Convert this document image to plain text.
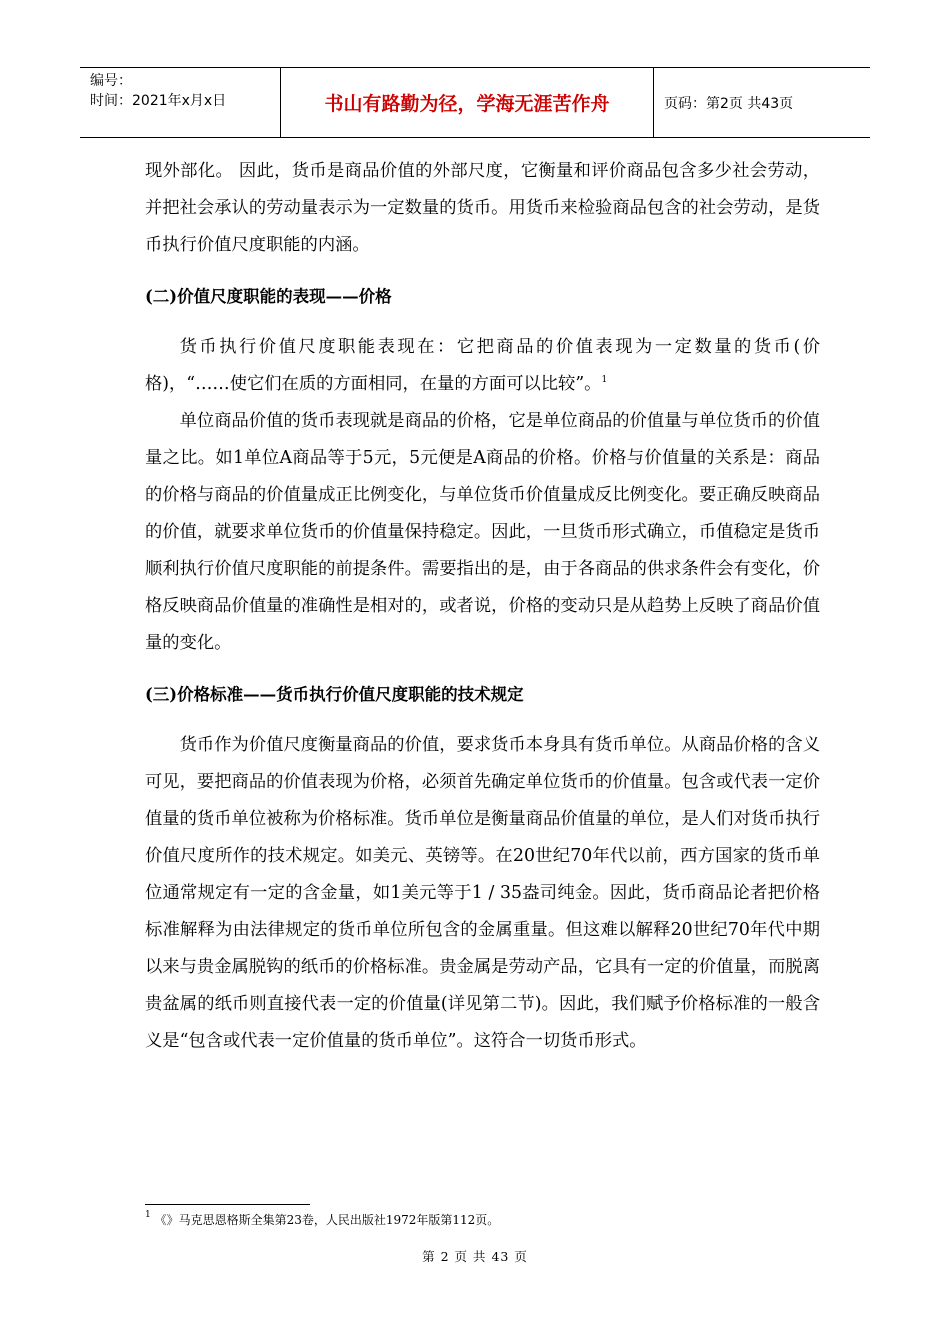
编号：
时间：2021年x月x日	书山有路勤为径，学海无涯苦作舟	页码：第2页 共43页

现外部化。 因此，货币是商品价值的外部尺度，它衡量和评价商品包含多少社会劳动，并把社会承认的劳动量表示为一定数量的货币。用货币来检验商品包含的社会劳动，是货币执行价值尺度职能的内涵。

(二)价值尺度职能的表现——价格

货币执行价值尺度职能表现在：它把商品的价值表现为一定数量的货币(价格)，“……使它们在质的方面相同，在量的方面可以比较”。$^1$

单位商品价值的货币表现就是商品的价格，它是单位商品的价值量与单位货币的价值量之比。如1单位A商品等于5元，5元便是A商品的价格。价格与价值量的关系是：商品的价格与商品的价值量成正比例变化，与单位货币价值量成反比例变化。要正确反映商品的价值，就要求单位货币的价值量保持稳定。因此，一旦货币形式确立，币值稳定是货币顺利执行价值尺度职能的前提条件。需要指出的是，由于各商品的供求条件会有变化，价格反映商品价值量的准确性是相对的，或者说，价格的变动只是从趋势上反映了商品价值量的变化。

(三)价格标准——货币执行价值尺度职能的技术规定

货币作为价值尺度衡量商品的价值，要求货币本身具有货币单位。从商品价格的含义可见，要把商品的价值表现为价格，必须首先确定单位货币的价值量。包含或代表一定价值量的货币单位被称为价格标准。货币单位是衡量商品价值量的单位，是人们对货币执行价值尺度所作的技术规定。如美元、英镑等。在20世纪70年代以前，西方国家的货币单位通常规定有一定的含金量，如1美元等于1 / 35盎司纯金。因此，货币商品论者把价格标准解释为由法律规定的货币单位所包含的金属重量。但这难以解释20世纪70年代中期以来与贵金属脱钩的纸币的价格标准。贵金属是劳动产品，它具有一定的价值量，而脱离贵盆属的纸币则直接代表一定的价值量(详见第二节)。因此，我们赋予价格标准的一般含义是“包含或代表一定价值量的货币单位”。这符合一切货币形式。

$^1$ 《》马克思恩格斯全集第23卷，人民出版社1972年版第112页。
第 2 页 共 43 页
